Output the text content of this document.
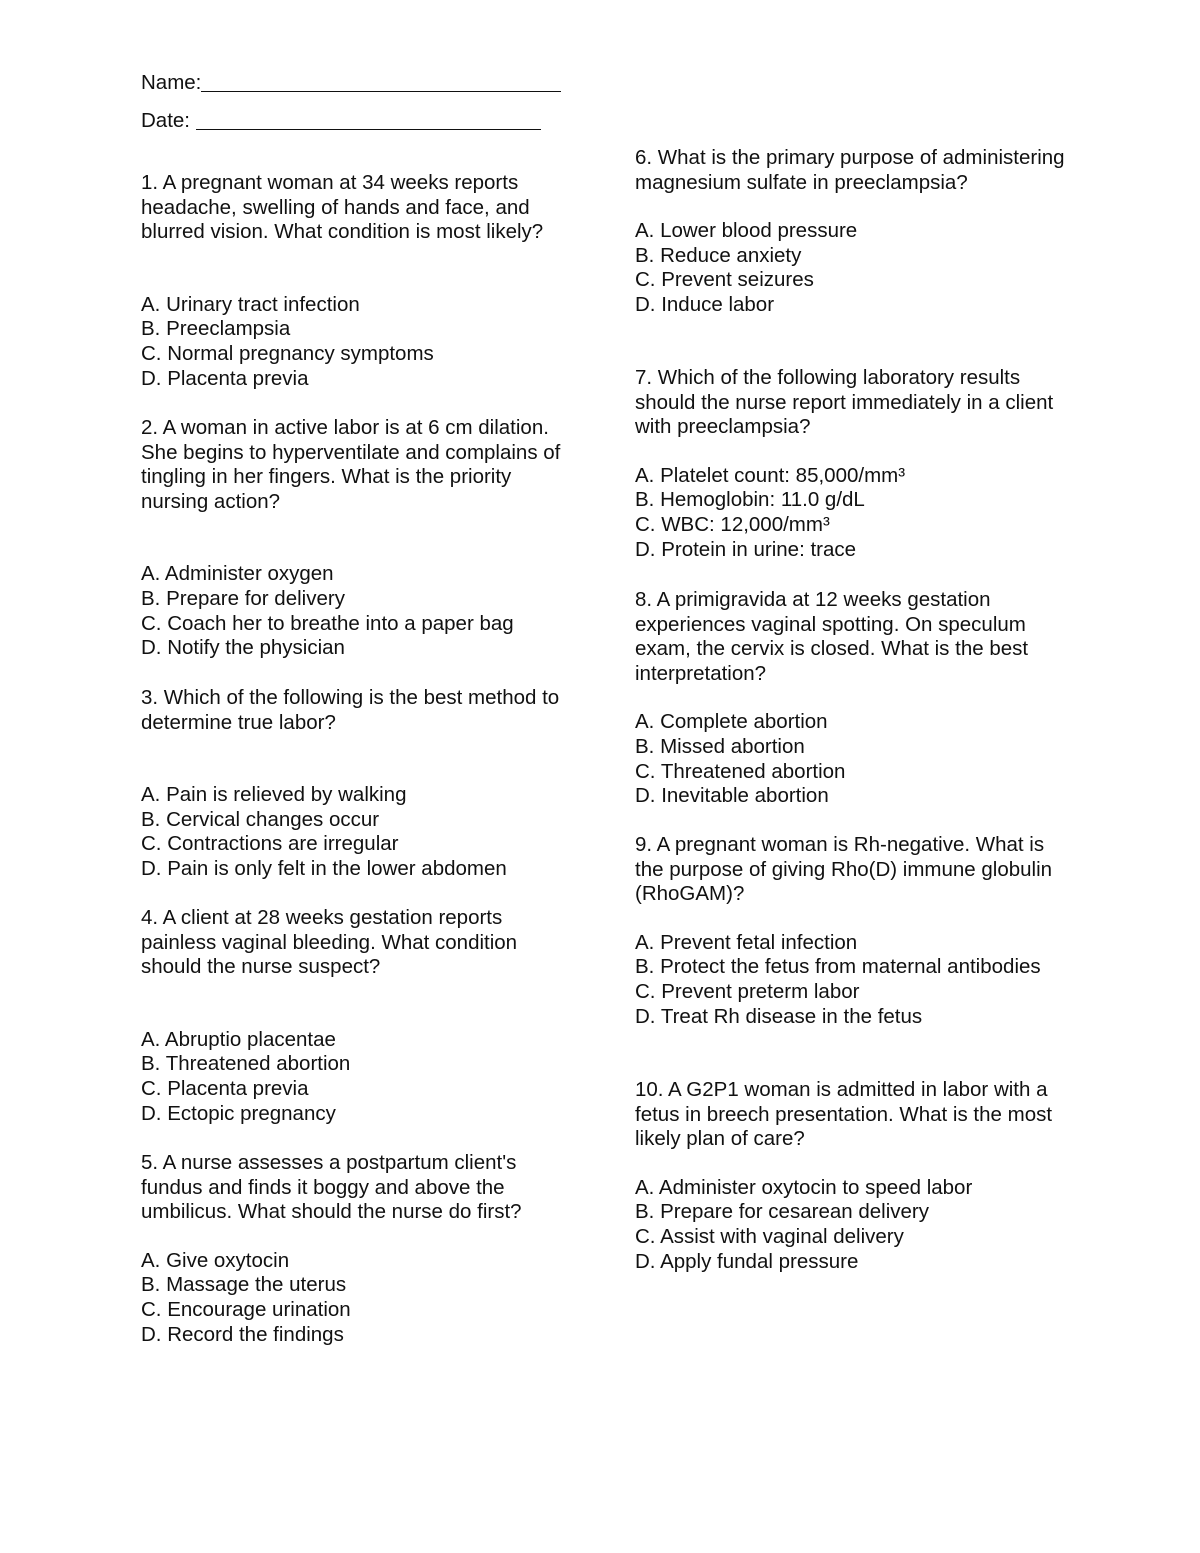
Name:
Date:

1. A pregnant woman at 34 weeks reports headache, swelling of hands and face, and blurred vision. What condition is most likely?

A. Urinary tract infection
B. Preeclampsia
C. Normal pregnancy symptoms
D. Placenta previa

2. A woman in active labor is at 6 cm dilation. She begins to hyperventilate and complains of tingling in her fingers. What is the priority nursing action?

A. Administer oxygen
B. Prepare for delivery
C. Coach her to breathe into a paper bag
D. Notify the physician

3. Which of the following is the best method to determine true labor?

A. Pain is relieved by walking
B. Cervical changes occur
C. Contractions are irregular
D. Pain is only felt in the lower abdomen

4. A client at 28 weeks gestation reports painless vaginal bleeding. What condition should the nurse suspect?

A. Abruptio placentae
B. Threatened abortion
C. Placenta previa
D. Ectopic pregnancy

5. A nurse assesses a postpartum client's fundus and finds it boggy and above the umbilicus. What should the nurse do first?

A. Give oxytocin
B. Massage the uterus
C. Encourage urination
D. Record the findings

6. What is the primary purpose of administering magnesium sulfate in preeclampsia?

A. Lower blood pressure
B. Reduce anxiety
C. Prevent seizures
D. Induce labor

7. Which of the following laboratory results should the nurse report immediately in a client with preeclampsia?

A. Platelet count: 85,000/mm³
B. Hemoglobin: 11.0 g/dL
C. WBC: 12,000/mm³
D. Protein in urine: trace

8. A primigravida at 12 weeks gestation experiences vaginal spotting. On speculum exam, the cervix is closed. What is the best interpretation?

A. Complete abortion
B. Missed abortion
C. Threatened abortion
D. Inevitable abortion

9. A pregnant woman is Rh-negative. What is the purpose of giving Rho(D) immune globulin (RhoGAM)?

A. Prevent fetal infection
B. Protect the fetus from maternal antibodies
C. Prevent preterm labor
D. Treat Rh disease in the fetus

10. A G2P1 woman is admitted in labor with a fetus in breech presentation. What is the most likely plan of care?

A. Administer oxytocin to speed labor
B. Prepare for cesarean delivery
C. Assist with vaginal delivery
D. Apply fundal pressure
